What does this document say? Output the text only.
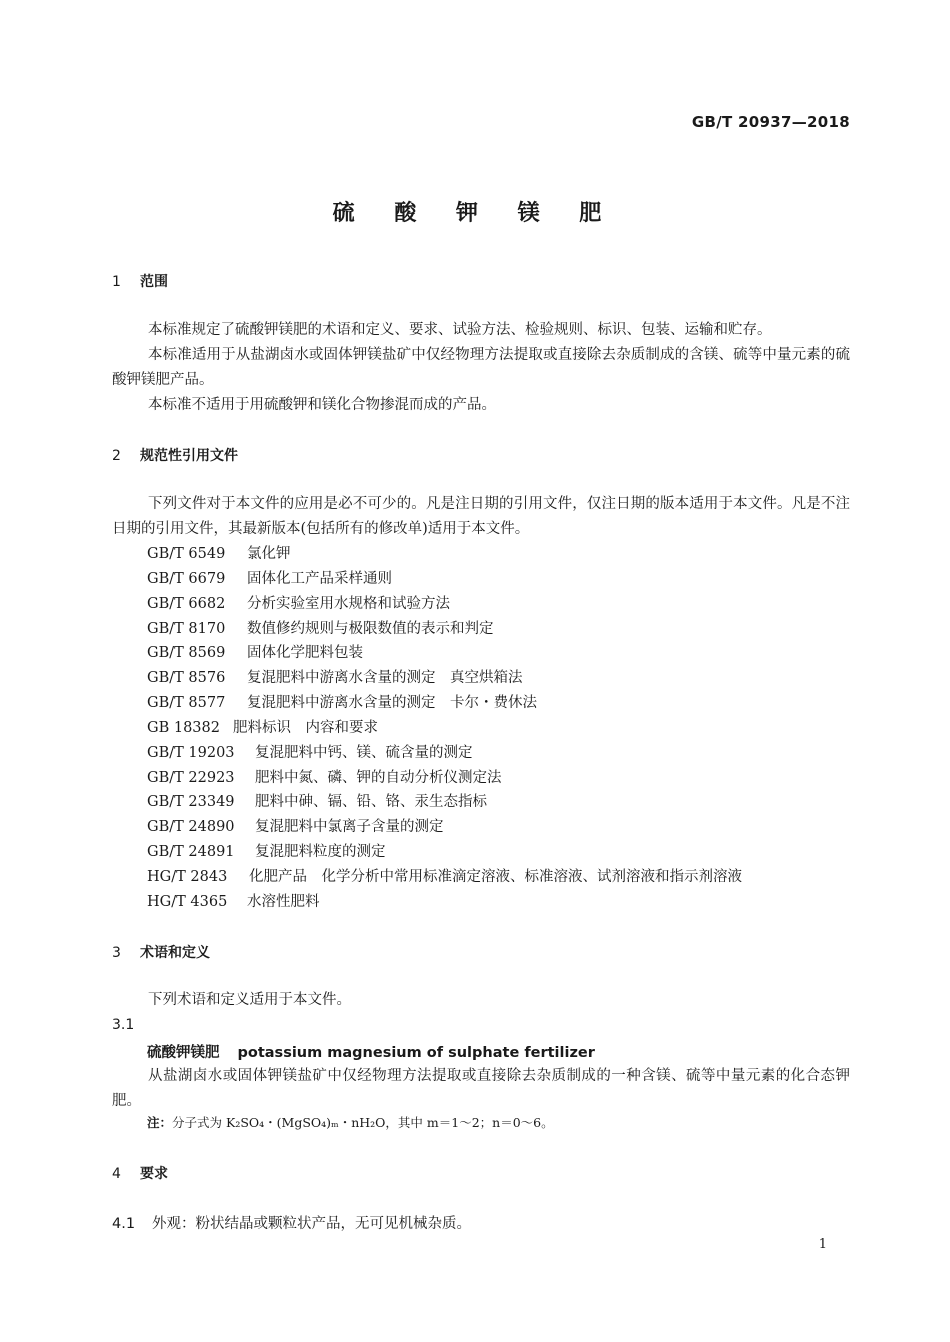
GB/T 20937—2018
硫 酸 钾 镁 肥
1 范围
本标准规定了硫酸钾镁肥的术语和定义、要求、试验方法、检验规则、标识、包装、运输和贮存。
本标准适用于从盐湖卤水或固体钾镁盐矿中仅经物理方法提取或直接除去杂质制成的含镁、硫等中量元素的硫酸钾镁肥产品。
本标准不适用于用硫酸钾和镁化合物掺混而成的产品。
2 规范性引用文件
下列文件对于本文件的应用是必不可少的。凡是注日期的引用文件，仅注日期的版本适用于本文件。凡是不注日期的引用文件，其最新版本(包括所有的修改单)适用于本文件。
GB/T 6549 氯化钾
GB/T 6679 固体化工产品采样通则
GB/T 6682 分析实验室用水规格和试验方法
GB/T 8170 数值修约规则与极限数值的表示和判定
GB/T 8569 固体化学肥料包装
GB/T 8576 复混肥料中游离水含量的测定　真空烘箱法
GB/T 8577 复混肥料中游离水含量的测定　卡尔・费休法
GB 18382 肥料标识　内容和要求
GB/T 19203 复混肥料中钙、镁、硫含量的测定
GB/T 22923 肥料中氮、磷、钾的自动分析仪测定法
GB/T 23349 肥料中砷、镉、铅、铬、汞生态指标
GB/T 24890 复混肥料中氯离子含量的测定
GB/T 24891 复混肥料粒度的测定
HG/T 2843 化肥产品　化学分析中常用标准滴定溶液、标准溶液、试剂溶液和指示剂溶液
HG/T 4365 水溶性肥料
3 术语和定义
下列术语和定义适用于本文件。
3.1
硫酸钾镁肥 potassium magnesium of sulphate fertilizer
从盐湖卤水或固体钾镁盐矿中仅经物理方法提取或直接除去杂质制成的一种含镁、硫等中量元素的化合态钾肥。
注：分子式为 K₂SO₄・(MgSO₄)ₘ・nH₂O，其中 m＝1～2；n＝0～6。
4 要求
4.1 外观：粉状结晶或颗粒状产品，无可见机械杂质。
1
